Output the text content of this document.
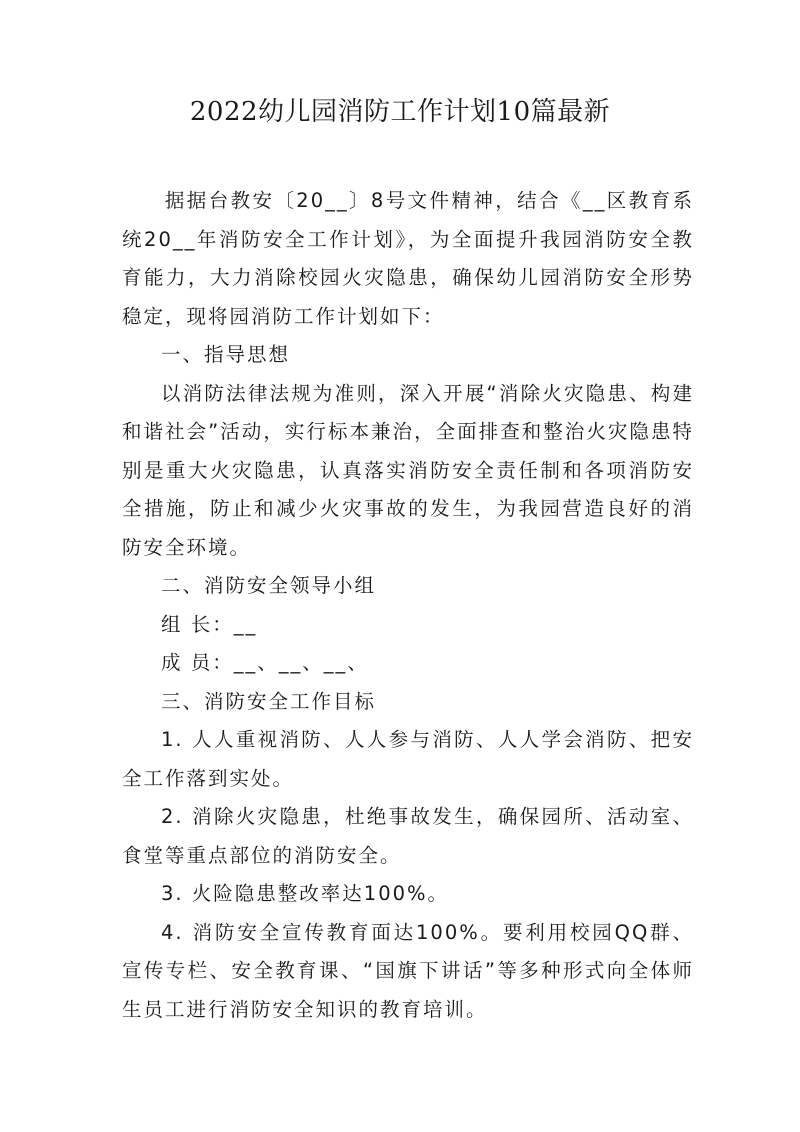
2022幼儿园消防工作计划10篇最新

据据台教安〔20__〕8号文件精神，结合《__区教育系统20__年消防安全工作计划》，为全面提升我园消防安全教育能力，大力消除校园火灾隐患，确保幼儿园消防安全形势稳定，现将园消防工作计划如下：

一、指导思想

以消防法律法规为准则，深入开展“消除火灾隐患、构建和谐社会”活动，实行标本兼治，全面排查和整治火灾隐患特别是重大火灾隐患，认真落实消防安全责任制和各项消防安全措施，防止和减少火灾事故的发生，为我园营造良好的消防安全环境。

二、消防安全领导小组

组 长：__

成 员：__、__、__、

三、消防安全工作目标

1. 人人重视消防、人人参与消防、人人学会消防、把安全工作落到实处。

2. 消除火灾隐患，杜绝事故发生，确保园所、活动室、食堂等重点部位的消防安全。

3. 火险隐患整改率达100%。

4. 消防安全宣传教育面达100%。要利用校园QQ群、宣传专栏、安全教育课、“国旗下讲话”等多种形式向全体师生员工进行消防安全知识的教育培训。
